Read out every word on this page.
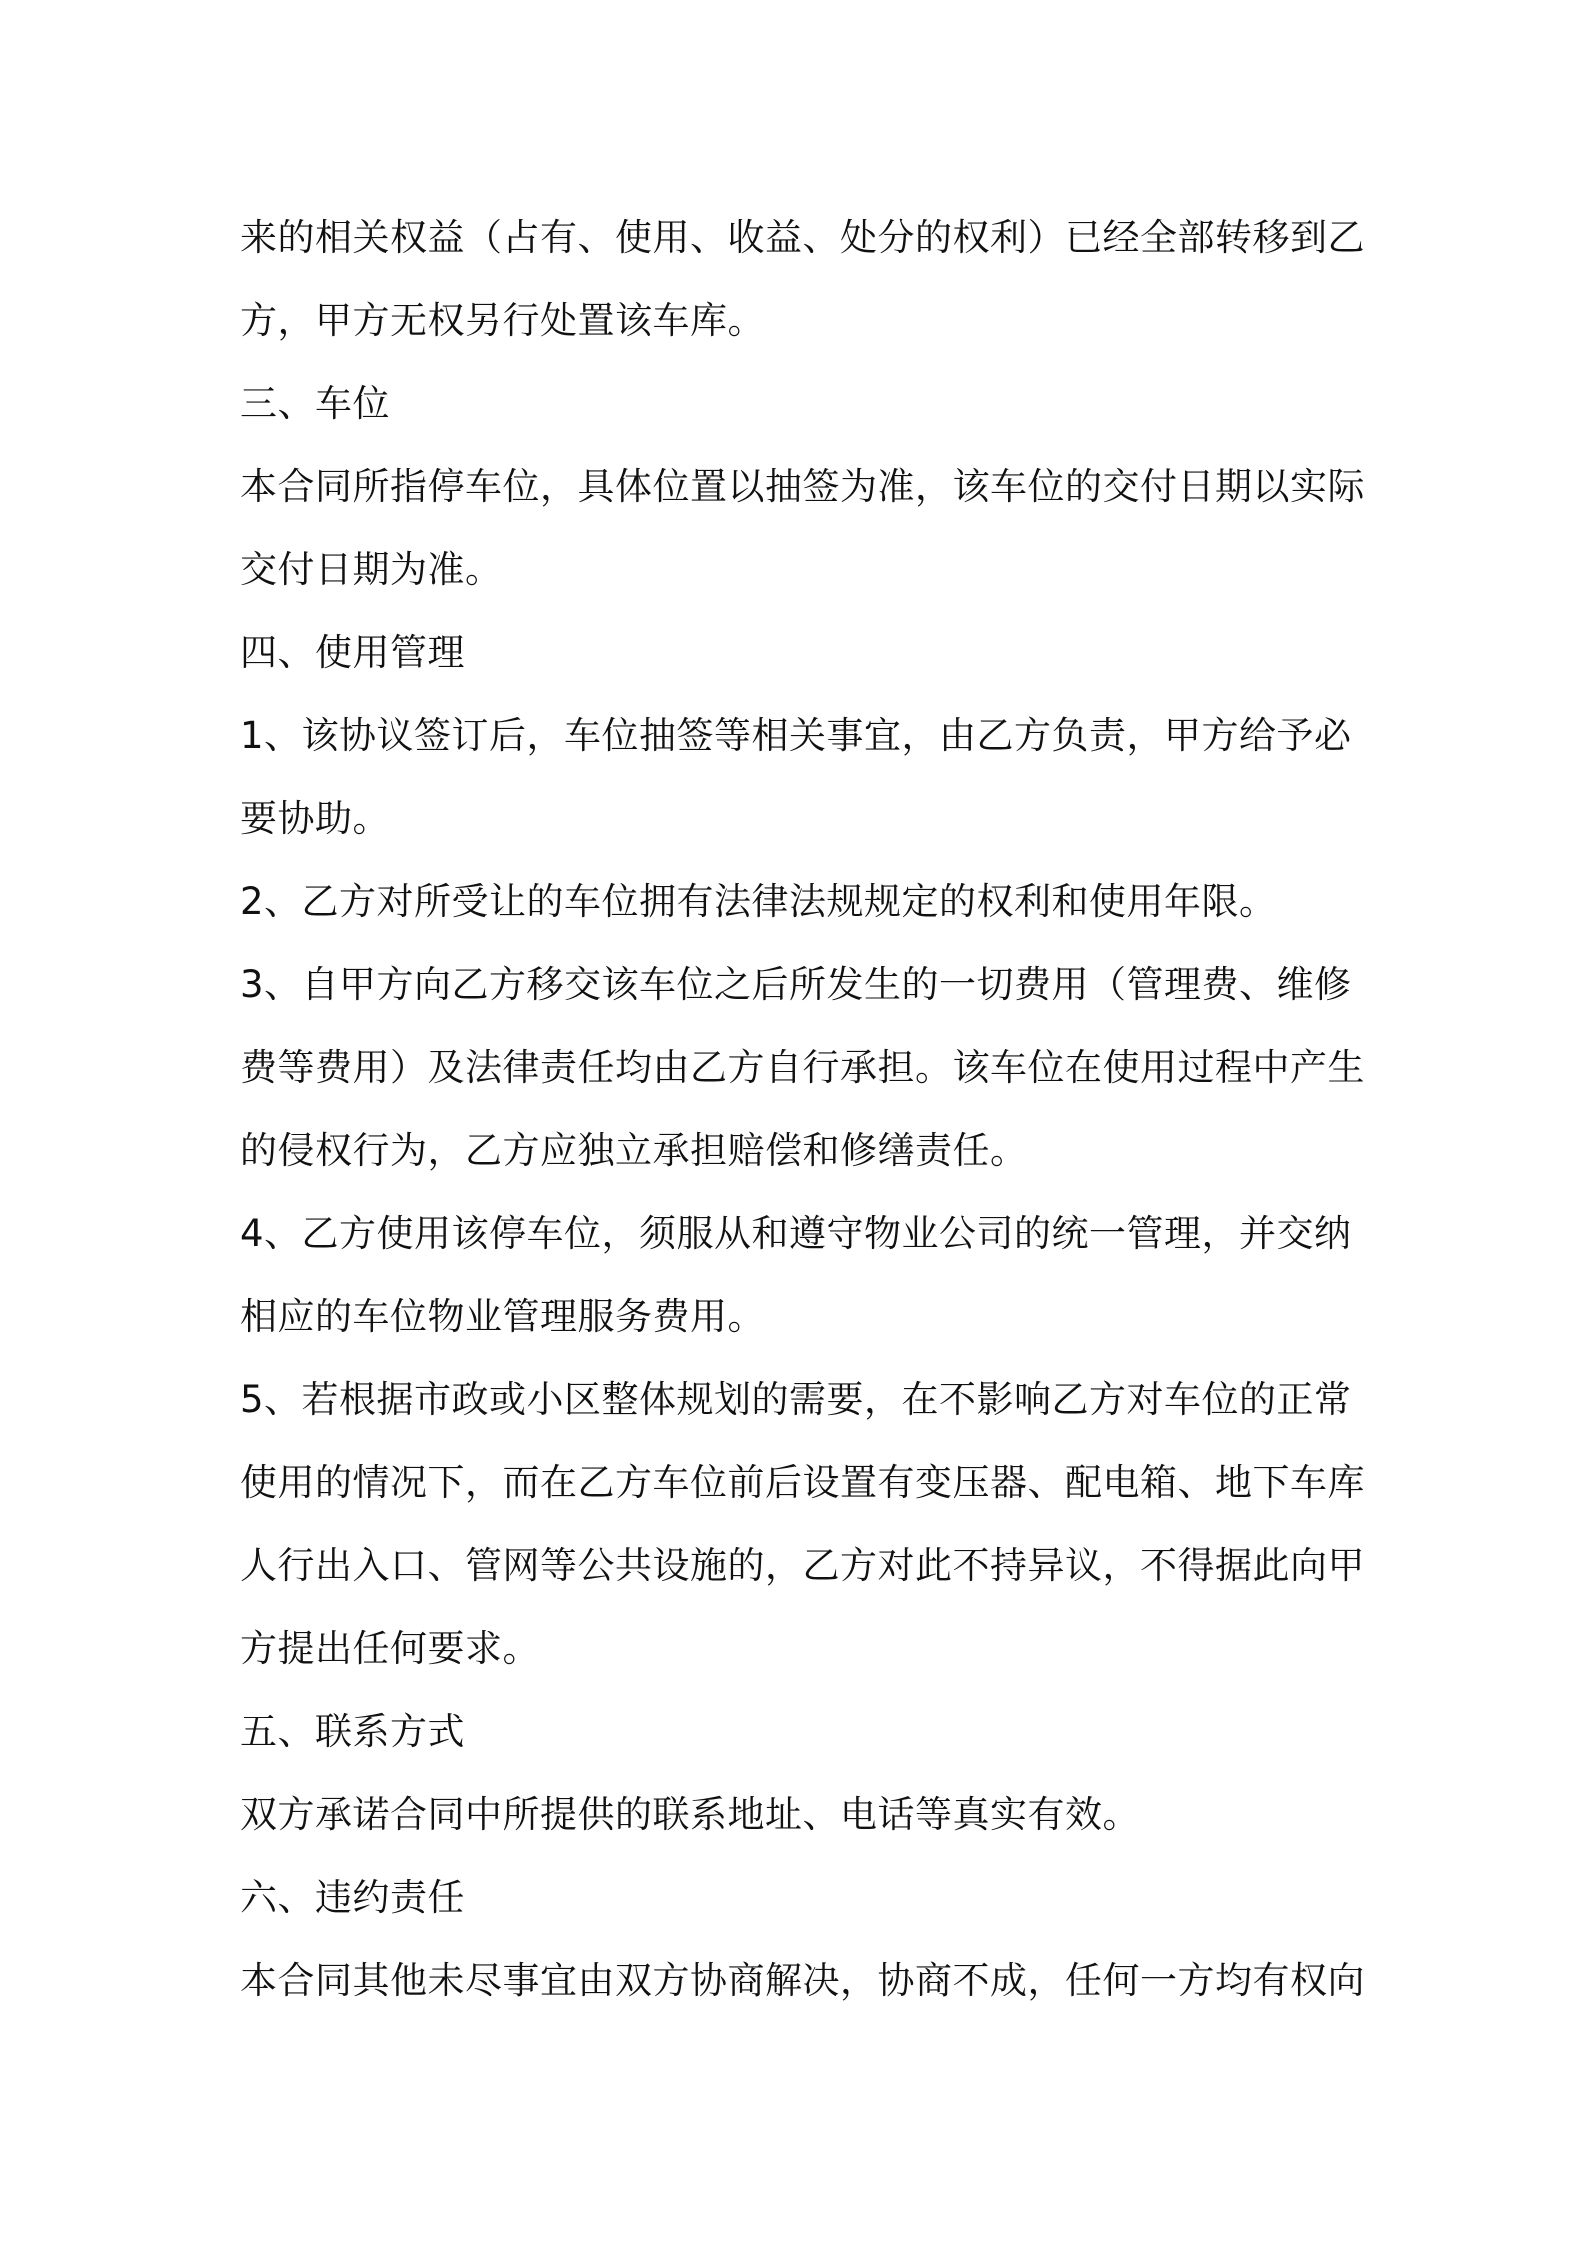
来的相关权益（占有、使用、收益、处分的权利）已经全部转移到乙
方，甲方无权另行处置该车库。
三、车位
本合同所指停车位，具体位置以抽签为准，该车位的交付日期以实际
交付日期为准。
四、使用管理
1、该协议签订后，车位抽签等相关事宜，由乙方负责，甲方给予必
要协助。
2、乙方对所受让的车位拥有法律法规规定的权利和使用年限。
3、自甲方向乙方移交该车位之后所发生的一切费用（管理费、维修
费等费用）及法律责任均由乙方自行承担。该车位在使用过程中产生
的侵权行为，乙方应独立承担赔偿和修缮责任。
4、乙方使用该停车位，须服从和遵守物业公司的统一管理，并交纳
相应的车位物业管理服务费用。
5、若根据市政或小区整体规划的需要，在不影响乙方对车位的正常
使用的情况下，而在乙方车位前后设置有变压器、配电箱、地下车库
人行出入口、管网等公共设施的，乙方对此不持异议，不得据此向甲
方提出任何要求。
五、联系方式
双方承诺合同中所提供的联系地址、电话等真实有效。
六、违约责任
本合同其他未尽事宜由双方协商解决，协商不成，任何一方均有权向
